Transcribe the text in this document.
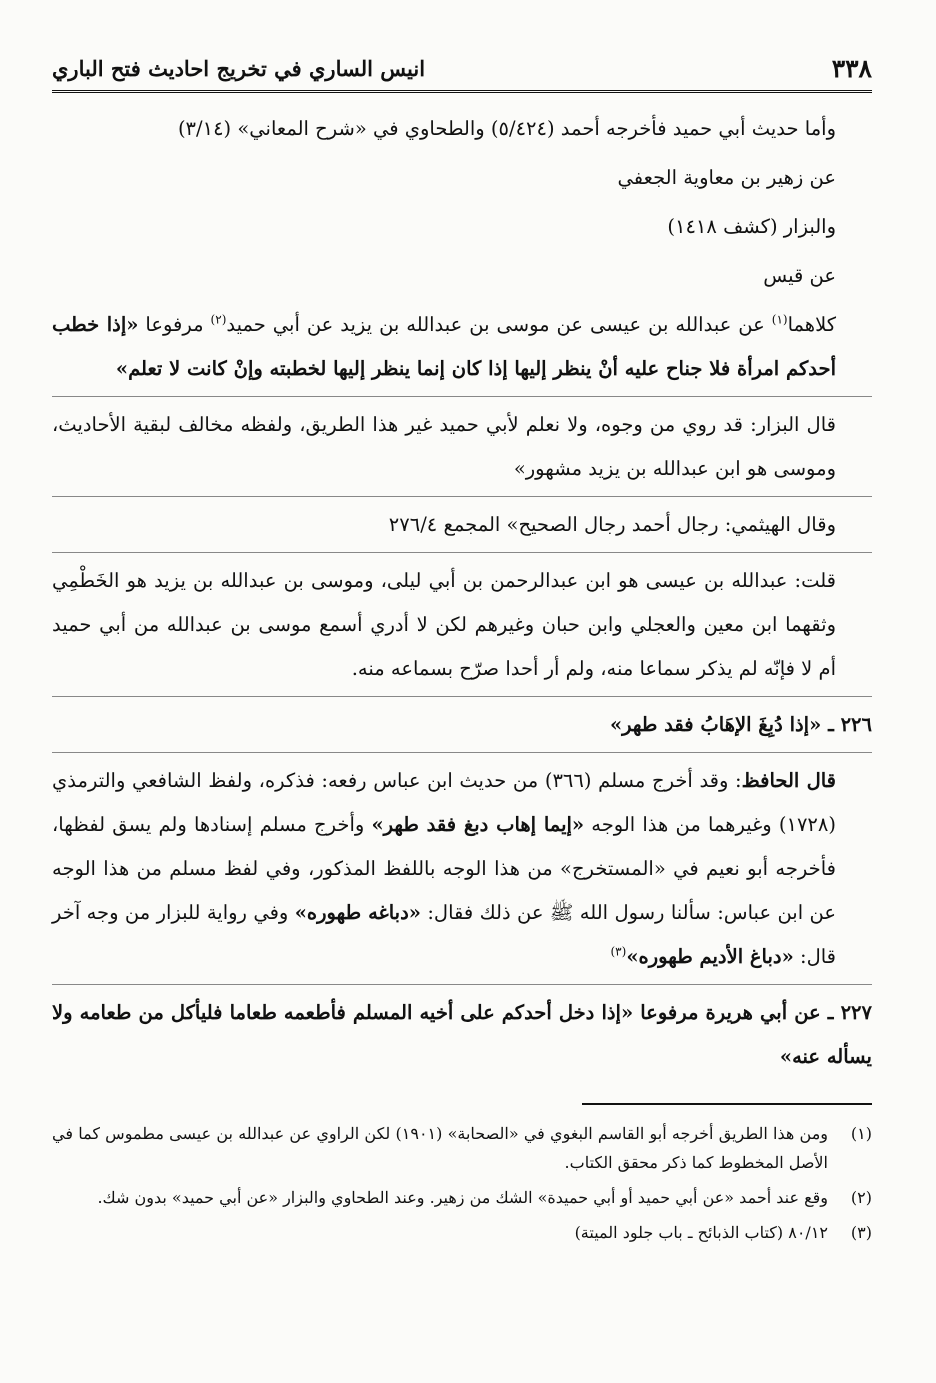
٣٣٨
انيس الساري في تخريج احاديث فتح الباري

وأما حديث أبي حميد فأخرجه أحمد (٥/٤٢٤) والطحاوي في «شرح المعاني» (٣/١٤)

عن زهير بن معاوية الجعفي

والبزار (كشف ١٤١٨)

عن قيس

كلاهما$^{(١)}$ عن عبدالله بن عيسى عن موسى بن عبدالله بن يزيد عن أبي حميد$^{(٢)}$ مرفوعا «إذا خطب أحدكم امرأة فلا جناح عليه أنْ ينظر إليها إذا كان إنما ينظر إليها لخطبته وإنْ كانت لا تعلم»

قال البزار: قد روي من وجوه، ولا نعلم لأبي حميد غير هذا الطريق، ولفظه مخالف لبقية الأحاديث، وموسى هو ابن عبدالله بن يزيد مشهور»

وقال الهيثمي: رجال أحمد رجال الصحيح» المجمع ٢٧٦/٤

قلت: عبدالله بن عيسى هو ابن عبدالرحمن بن أبي ليلى، وموسى بن عبدالله بن يزيد هو الخَطْمِي وثقهما ابن معين والعجلي وابن حبان وغيرهم لكن لا أدري أسمع موسى بن عبدالله من أبي حميد أم لا فإنّه لم يذكر سماعا منه، ولم أر أحدا صرّح بسماعه منه.

٢٢٦ ـ «إذا دُبِغَ الإهَابُ فقد طهر»

قال الحافظ: وقد أخرج مسلم (٣٦٦) من حديث ابن عباس رفعه: فذكره، ولفظ الشافعي والترمذي (١٧٢٨) وغيرهما من هذا الوجه «إيما إهاب دبغ فقد طهر» وأخرج مسلم إسنادها ولم يسق لفظها، فأخرجه أبو نعيم في «المستخرج» من هذا الوجه باللفظ المذكور، وفي لفظ مسلم من هذا الوجه عن ابن عباس: سألنا رسول الله ﷺ عن ذلك فقال: «دباغه طهوره» وفي رواية للبزار من وجه آخر قال: «دباغ الأديم طهوره»$^{(٣)}$

٢٢٧ ـ عن أبي هريرة مرفوعا «إذا دخل أحدكم على أخيه المسلم فأطعمه طعاما فليأكل من طعامه ولا يسأله عنه»

(١)
ومن هذا الطريق أخرجه أبو القاسم البغوي في «الصحابة» (١٩٠١) لكن الراوي عن عبدالله بن عيسى مطموس كما في الأصل المخطوط كما ذكر محقق الكتاب.
(٢)
وقع عند أحمد «عن أبي حميد أو أبي حميدة» الشك من زهير. وعند الطحاوي والبزار «عن أبي حميد» بدون شك.
(٣)
٨٠/١٢ (كتاب الذبائح ـ باب جلود الميتة)
